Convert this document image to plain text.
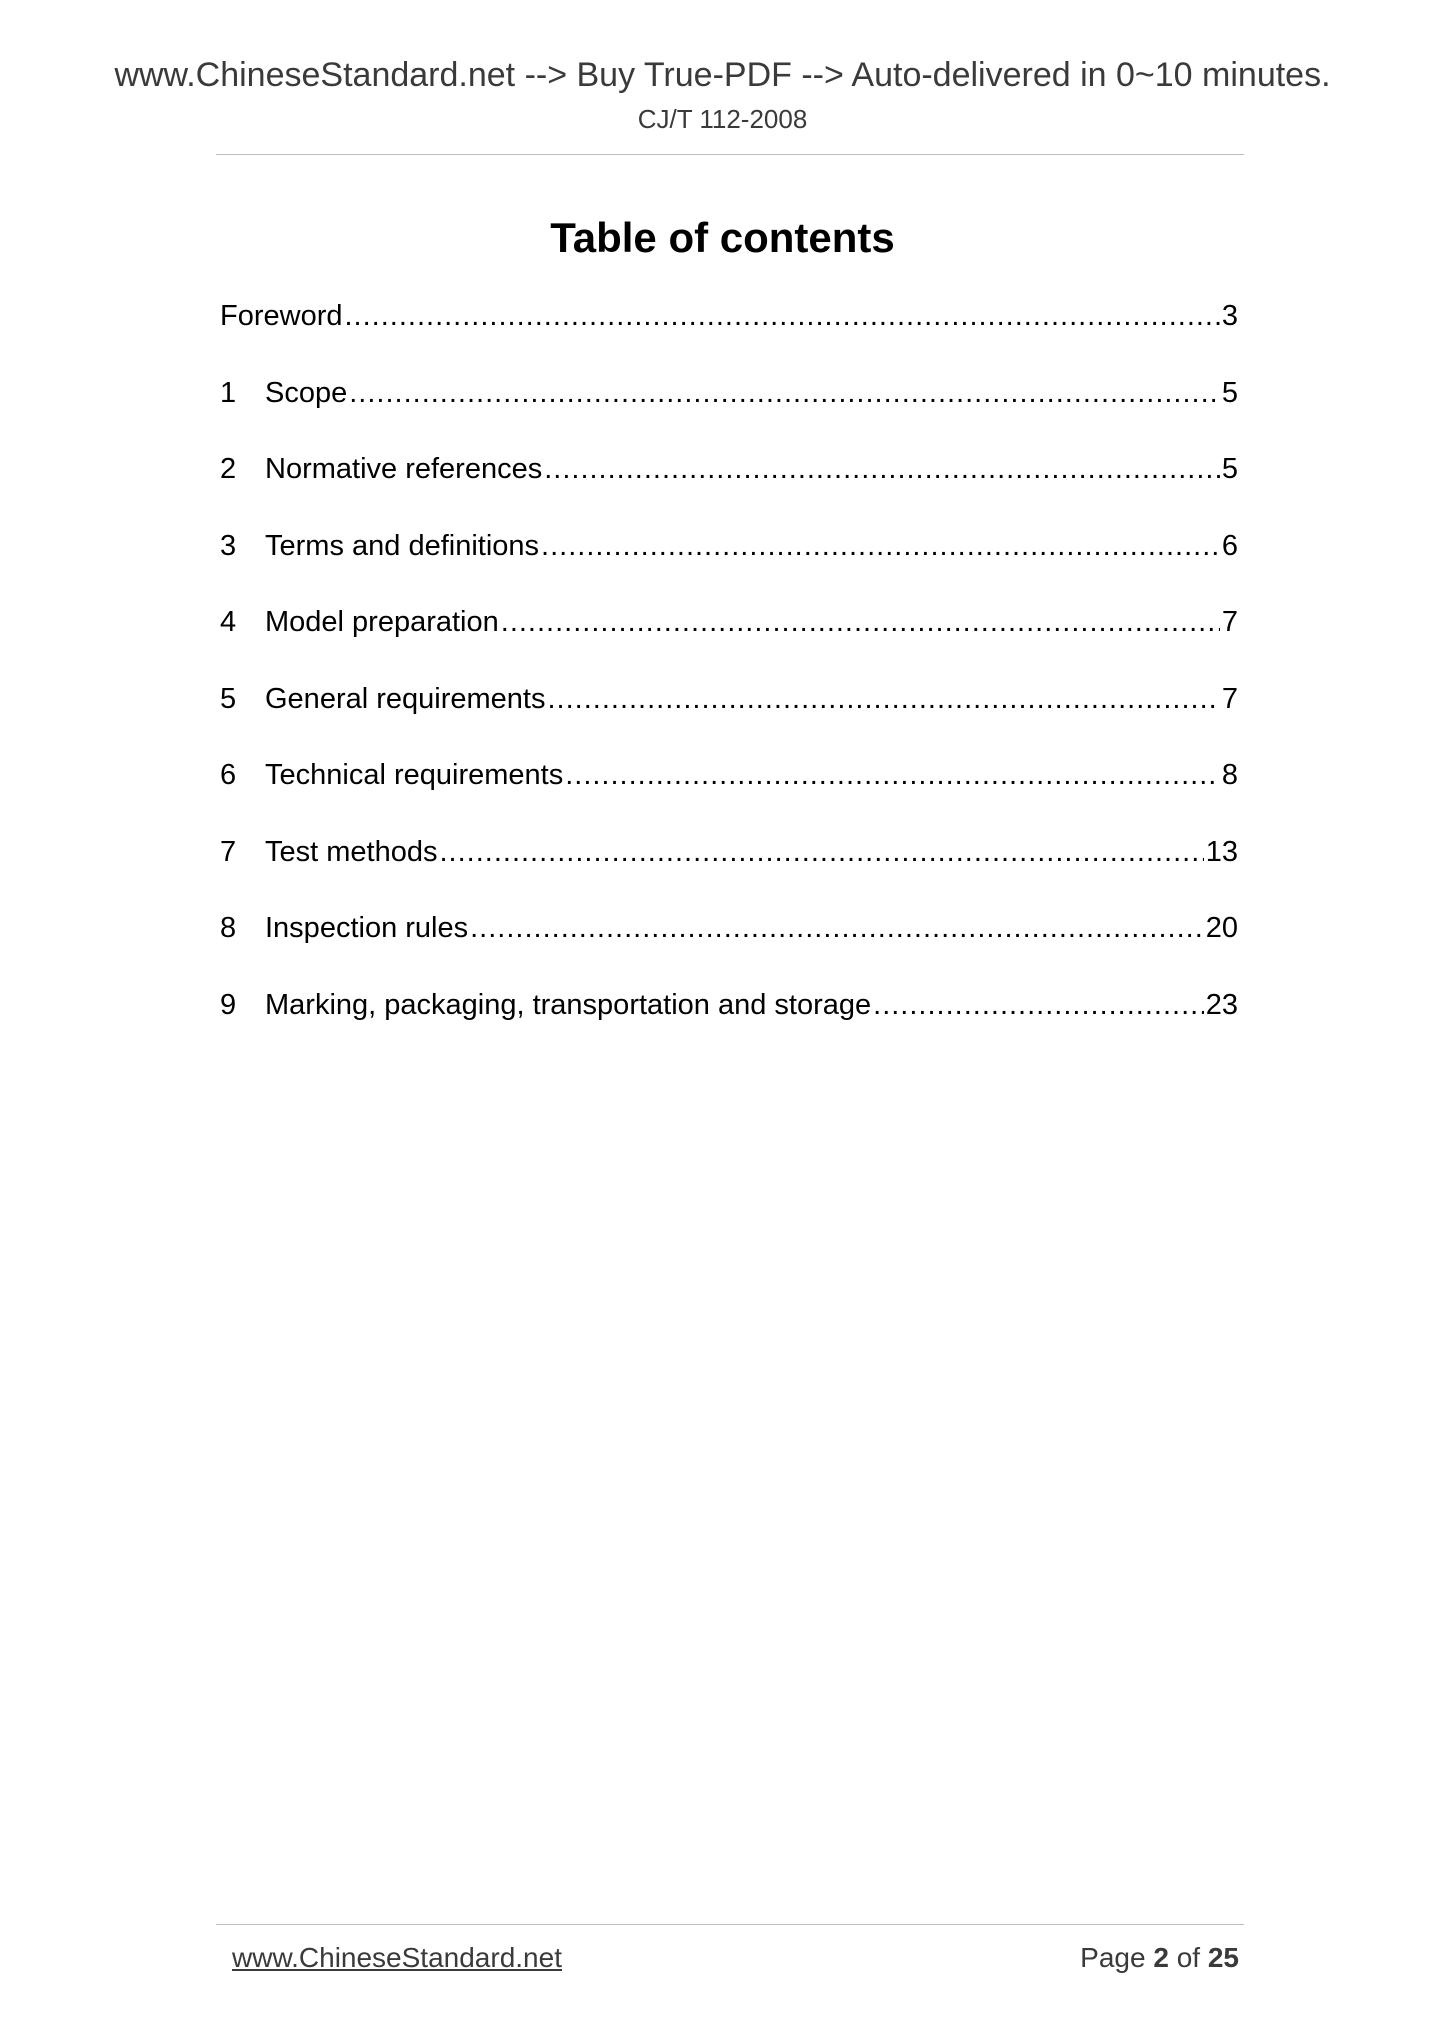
www.ChineseStandard.net --> Buy True-PDF --> Auto-delivered in 0~10 minutes.
CJ/T 112-2008
Table of contents
Foreword .....	3
1 Scope .....	5
2 Normative references .....	5
3 Terms and definitions .....	6
4 Model preparation .....	7
5 General requirements .....	7
6 Technical requirements .....	8
7 Test methods .....	13
8 Inspection rules .....	20
9 Marking, packaging, transportation and storage .....	23
www.ChineseStandard.net	Page 2 of 25
